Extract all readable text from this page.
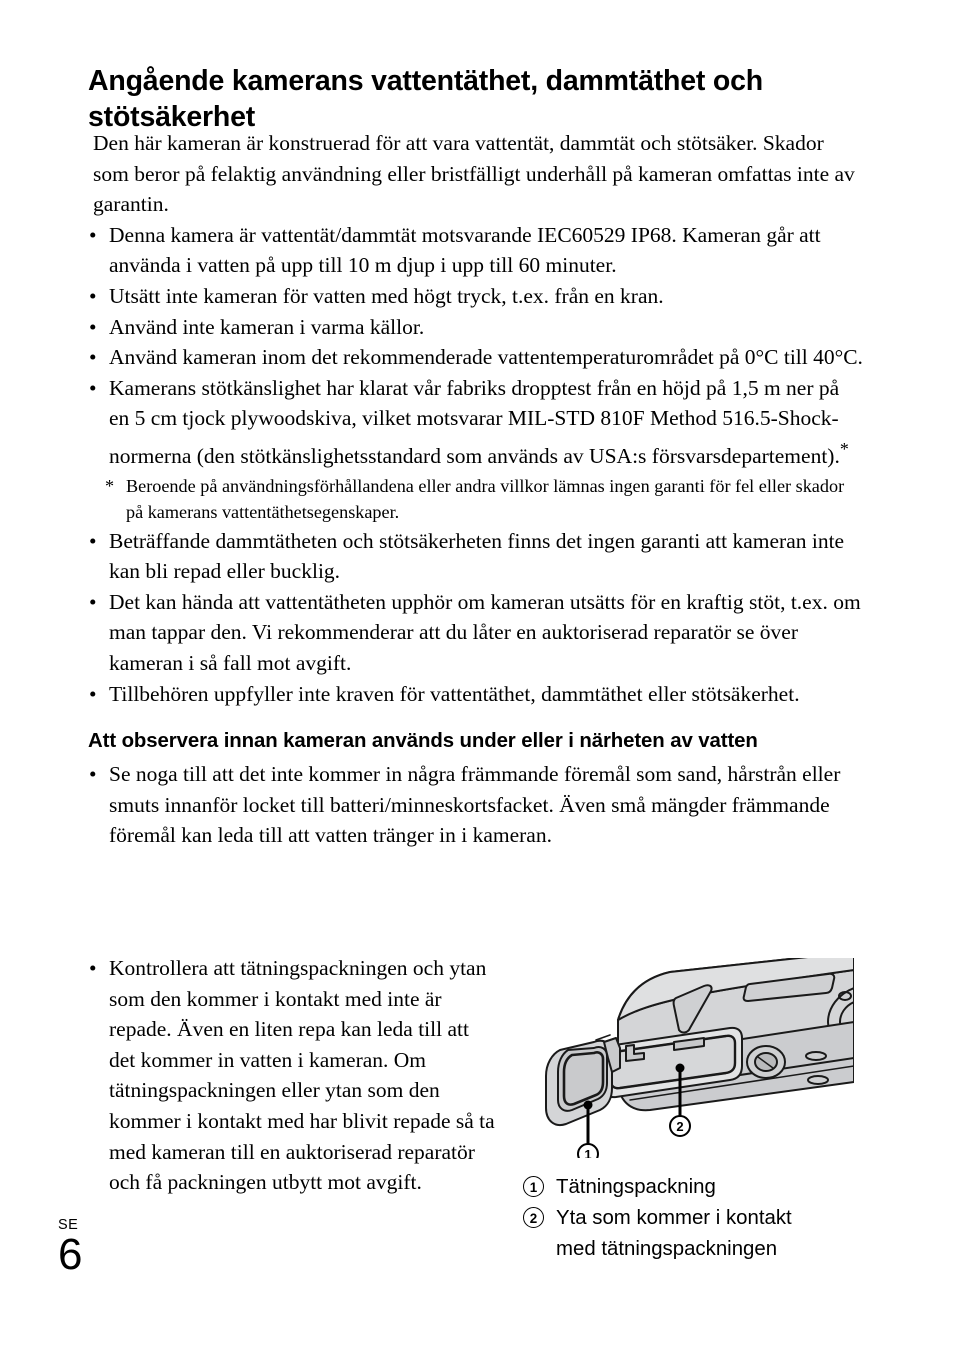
Angående kamerans vattentäthet, dammtäthet och stötsäkerhet

Den här kameran är konstruerad för att vara vattentät, dammtät och stötsäker. Skador som beror på felaktig användning eller bristfälligt underhåll på kameran omfattas inte av garantin.

• Denna kamera är vattentät/dammtät motsvarande IEC60529 IP68. Kameran går att använda i vatten på upp till 10 m djup i upp till 60 minuter.
• Utsätt inte kameran för vatten med högt tryck, t.ex. från en kran.
• Använd inte kameran i varma källor.
• Använd kameran inom det rekommenderade vattentemperaturområdet på 0°C till 40°C.
• Kamerans stötkänslighet har klarat vår fabriks dropptest från en höjd på 1,5 m ner på en 5 cm tjock plywoodskiva, vilket motsvarar MIL-STD 810F Method 516.5-Shock-normerna (den stötkänslighetsstandard som används av USA:s försvarsdepartement).*

* Beroende på användningsförhållandena eller andra villkor lämnas ingen garanti för fel eller skador på kamerans vattentäthetsegenskaper.

• Beträffande dammtätheten och stötsäkerheten finns det ingen garanti att kameran inte kan bli repad eller bucklig.
• Det kan hända att vattentätheten upphör om kameran utsätts för en kraftig stöt, t.ex. om man tappar den. Vi rekommenderar att du låter en auktoriserad reparatör se över kameran i så fall mot avgift.
• Tillbehören uppfyller inte kraven för vattentäthet, dammtäthet eller stötsäkerhet.
Att observera innan kameran används under eller i närheten av vatten
• Se noga till att det inte kommer in några främmande föremål som sand, hårstrån eller smuts innanför locket till batteri/minneskortsfacket. Även små mängder främmande föremål kan leda till att vatten tränger in i kameran.
• Kontrollera att tätningspackningen och ytan som den kommer i kontakt med inte är repade. Även en liten repa kan leda till att det kommer in vatten i kameran. Om tätningspackningen eller ytan som den kommer i kontakt med har blivit repade så ta med kameran till en auktoriserad reparatör och få packningen utbytt mot avgift.
1
2
1 Tätningspackning
2 Yta som kommer i kontakt
med tätningspackningen
SE
6
